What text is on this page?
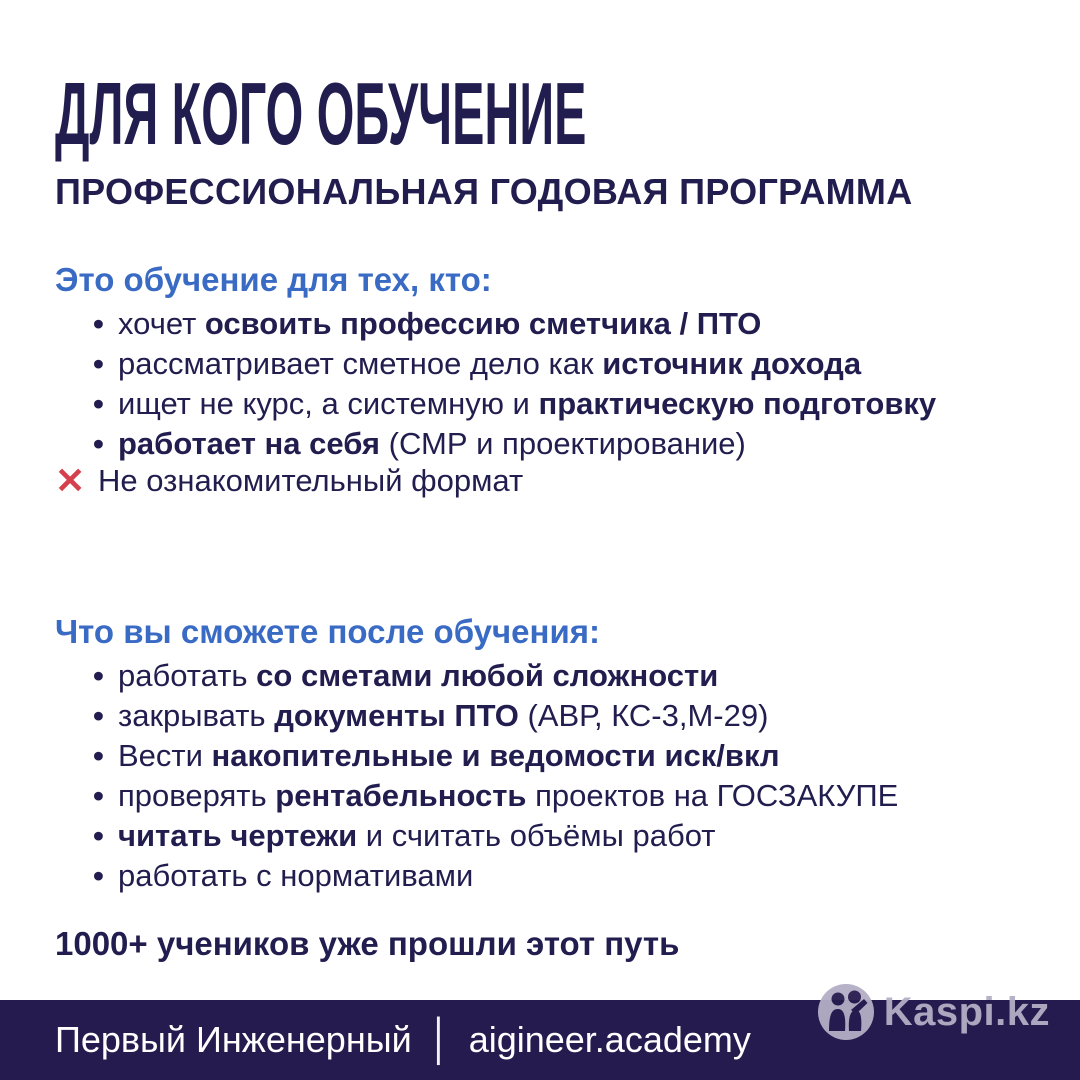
ДЛЯ КОГО ОБУЧЕНИЕ
ПРОФЕССИОНАЛЬНАЯ ГОДОВАЯ ПРОГРАММА
Это обучение для тех, кто:
• хочет освоить профессию сметчика / ПТО
• рассматривает сметное дело как источник дохода
• ищет не курс, а системную и практическую подготовку
• работает на себя (СМР и проектирование)
✕ Не ознакомительный формат
Что вы сможете после обучения:
• работать со сметами любой сложности
• закрывать документы ПТО (АВР, КС-3,М-29)
• Вести накопительные и ведомости иск/вкл
• проверять рентабельность проектов на ГОСЗАКУПЕ
• читать чертежи и считать объёмы работ
• работать с нормативами
1000+ учеников уже прошли этот путь
Первый Инженерный │ aigineer.academy
Kaspi.kz
